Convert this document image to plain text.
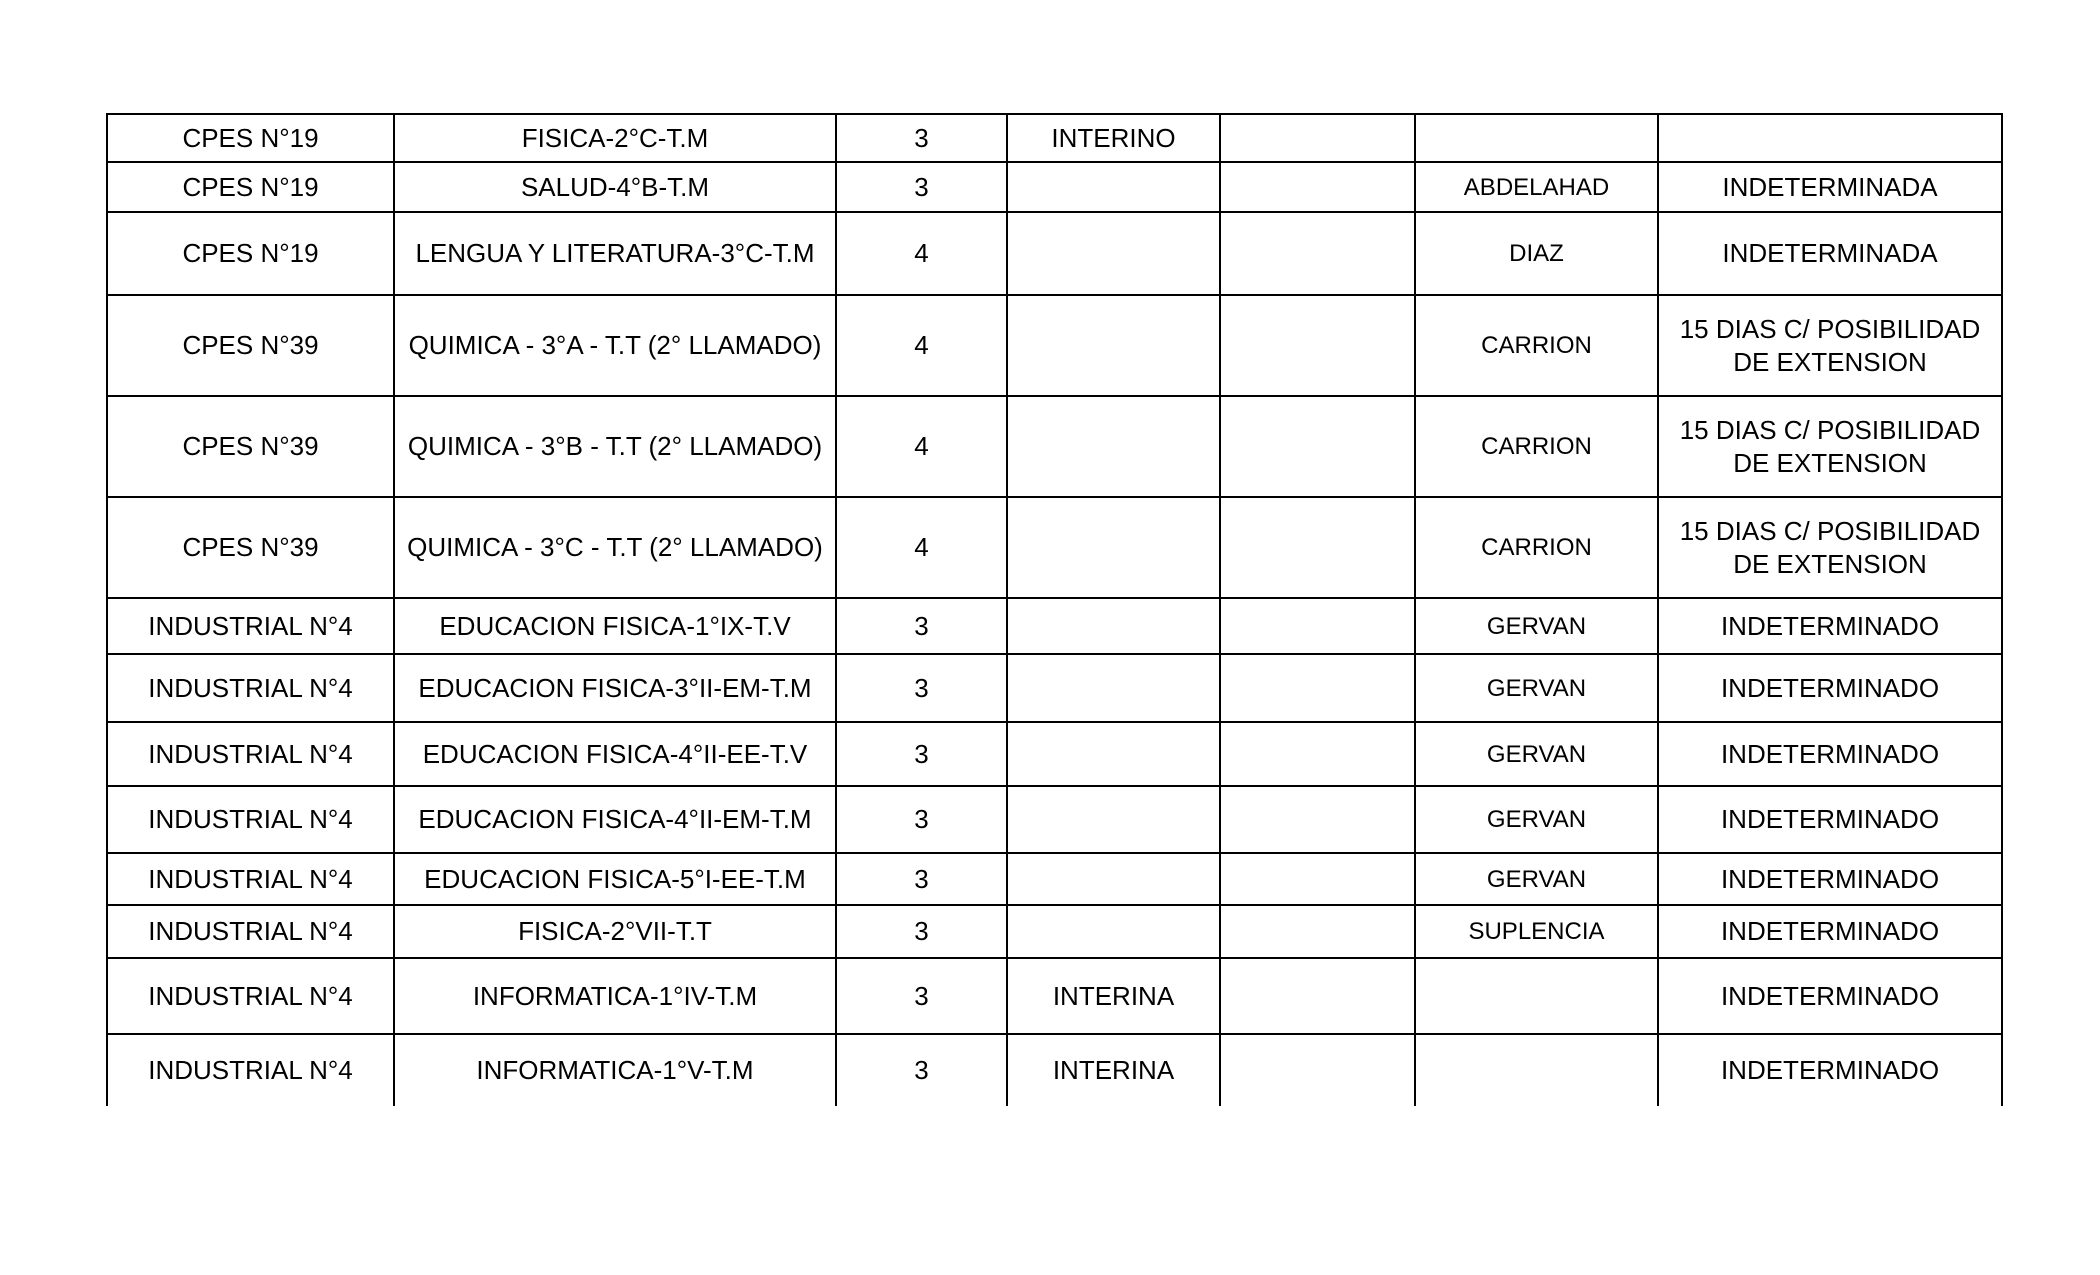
CPES N°19	FISICA-2°C-T.M	3	INTERINO			
CPES N°19	SALUD-4°B-T.M	3			ABDELAHAD	INDETERMINADA
CPES N°19	LENGUA Y LITERATURA-3°C-T.M	4			DIAZ	INDETERMINADA
CPES N°39	QUIMICA - 3°A - T.T (2° LLAMADO)	4			CARRION	15 DIAS C/ POSIBILIDAD DE EXTENSION
CPES N°39	QUIMICA - 3°B - T.T (2° LLAMADO)	4			CARRION	15 DIAS C/ POSIBILIDAD DE EXTENSION
CPES N°39	QUIMICA - 3°C - T.T (2° LLAMADO)	4			CARRION	15 DIAS C/ POSIBILIDAD DE EXTENSION
INDUSTRIAL N°4	EDUCACION FISICA-1°IX-T.V	3			GERVAN	INDETERMINADO
INDUSTRIAL N°4	EDUCACION FISICA-3°II-EM-T.M	3			GERVAN	INDETERMINADO
INDUSTRIAL N°4	EDUCACION FISICA-4°II-EE-T.V	3			GERVAN	INDETERMINADO
INDUSTRIAL N°4	EDUCACION FISICA-4°II-EM-T.M	3			GERVAN	INDETERMINADO
INDUSTRIAL N°4	EDUCACION FISICA-5°I-EE-T.M	3			GERVAN	INDETERMINADO
INDUSTRIAL N°4	FISICA-2°VII-T.T	3			SUPLENCIA	INDETERMINADO
INDUSTRIAL N°4	INFORMATICA-1°IV-T.M	3	INTERINA			INDETERMINADO
INDUSTRIAL N°4	INFORMATICA-1°V-T.M	3	INTERINA			INDETERMINADO
